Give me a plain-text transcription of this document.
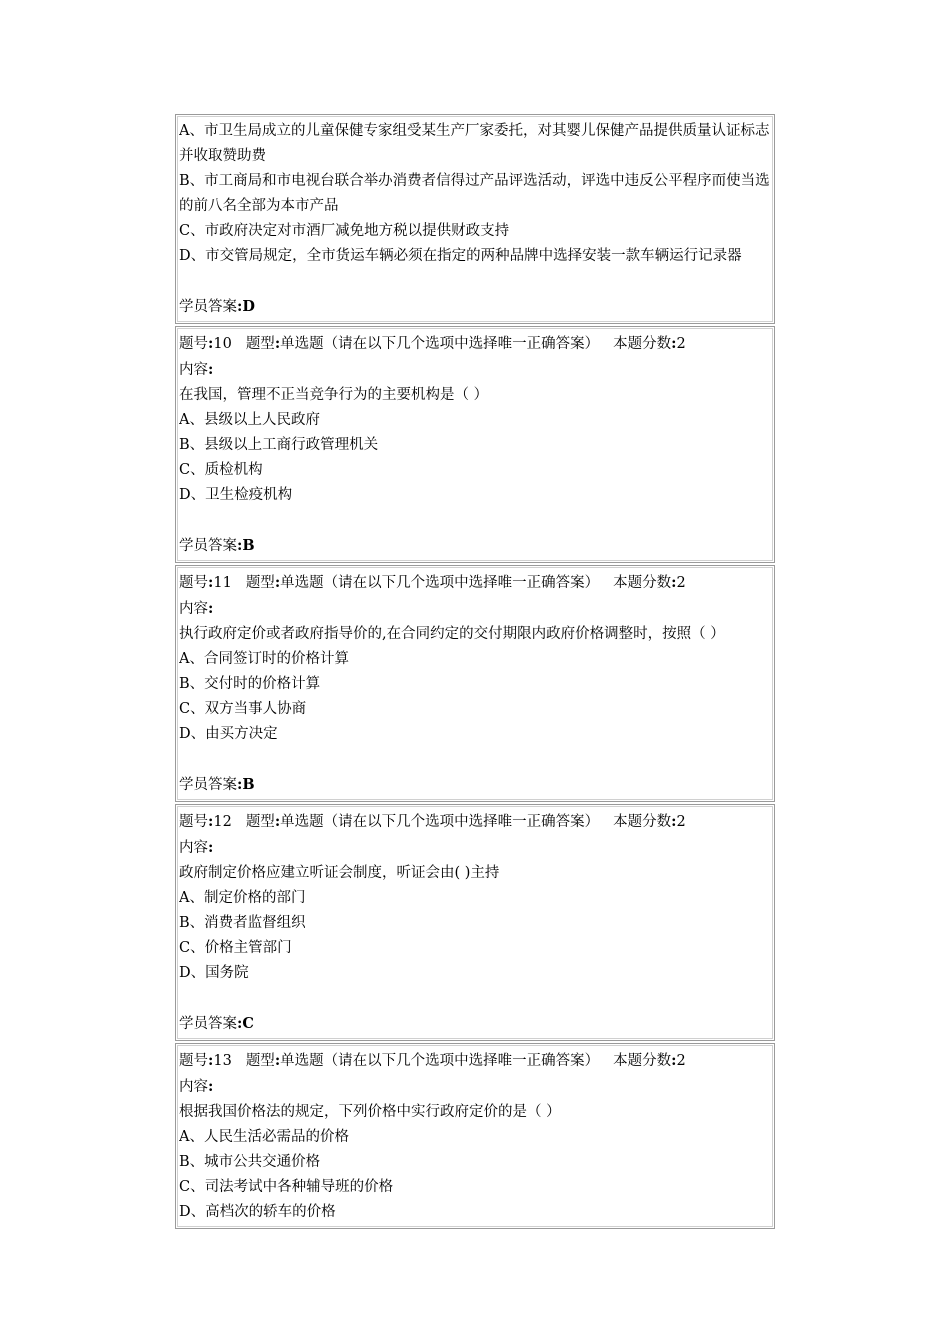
A、市卫生局成立的儿童保健专家组受某生产厂家委托，对其婴儿保健产品提供质量认证标志并收取赞助费
B、市工商局和市电视台联合举办消费者信得过产品评选活动，评选中违反公平程序而使当选的前八名全部为本市产品
C、市政府决定对市酒厂减免地方税以提供财政支持
D、市交管局规定，全市货运车辆必须在指定的两种品牌中选择安装一款车辆运行记录器
学员答案:D
题号:10 题型:单选题（请在以下几个选项中选择唯一正确答案） 本题分数:2
内容:
在我国，管理不正当竞争行为的主要机构是（ ）
A、县级以上人民政府
B、县级以上工商行政管理机关
C、质检机构
D、卫生检疫机构
学员答案:B
题号:11 题型:单选题（请在以下几个选项中选择唯一正确答案） 本题分数:2
内容:
执行政府定价或者政府指导价的,在合同约定的交付期限内政府价格调整时，按照（ ）
A、合同签订时的价格计算
B、交付时的价格计算
C、双方当事人协商
D、由买方决定
学员答案:B
题号:12 题型:单选题（请在以下几个选项中选择唯一正确答案） 本题分数:2
内容:
政府制定价格应建立听证会制度，听证会由( )主持
A、制定价格的部门
B、消费者监督组织
C、价格主管部门
D、国务院
学员答案:C
题号:13 题型:单选题（请在以下几个选项中选择唯一正确答案） 本题分数:2
内容:
根据我国价格法的规定，下列价格中实行政府定价的是（ ）
A、人民生活必需品的价格
B、城市公共交通价格
C、司法考试中各种辅导班的价格
D、高档次的轿车的价格
